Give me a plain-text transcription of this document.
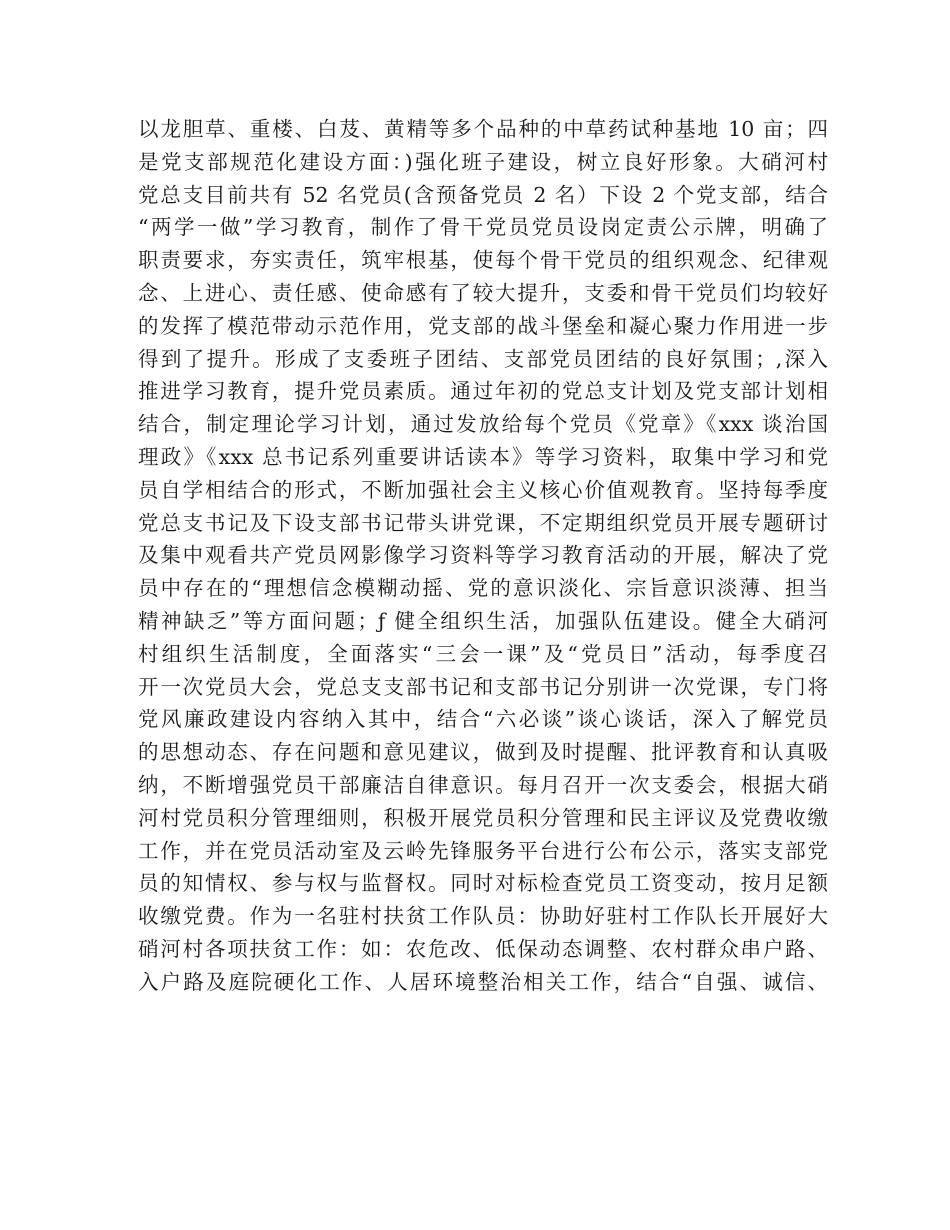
以龙胆草、重楼、白芨、黄精等多个品种的中草药试种基地 10 亩；四
是党支部规范化建设方面：)强化班子建设，树立良好形象。大硝河村
党总支目前共有 52 名党员(含预备党员 2 名）下设 2 个党支部，结合
“两学一做”学习教育，制作了骨干党员党员设岗定责公示牌，明确了
职责要求，夯实责任，筑牢根基，使每个骨干党员的组织观念、纪律观
念、上进心、责任感、使命感有了较大提升，支委和骨干党员们均较好
的发挥了模范带动示范作用，党支部的战斗堡垒和凝心聚力作用进一步
得到了提升。形成了支委班子团结、支部党员团结的良好氛围；,深入
推进学习教育，提升党员素质。通过年初的党总支计划及党支部计划相
结合，制定理论学习计划，通过发放给每个党员《党章》《xxx 谈治国
理政》《xxx 总书记系列重要讲话读本》等学习资料，取集中学习和党
员自学相结合的形式，不断加强社会主义核心价值观教育。坚持每季度
党总支书记及下设支部书记带头讲党课，不定期组织党员开展专题研讨
及集中观看共产党员网影像学习资料等学习教育活动的开展，解决了党
员中存在的“理想信念模糊动摇、党的意识淡化、宗旨意识淡薄、担当
精神缺乏”等方面问题；ƒ 健全组织生活，加强队伍建设。健全大硝河
村组织生活制度，全面落实“三会一课”及“党员日”活动，每季度召
开一次党员大会，党总支支部书记和支部书记分别讲一次党课，专门将
党风廉政建设内容纳入其中，结合“六必谈”谈心谈话，深入了解党员
的思想动态、存在问题和意见建议，做到及时提醒、批评教育和认真吸
纳，不断增强党员干部廉洁自律意识。每月召开一次支委会，根据大硝
河村党员积分管理细则，积极开展党员积分管理和民主评议及党费收缴
工作，并在党员活动室及云岭先锋服务平台进行公布公示，落实支部党
员的知情权、参与权与监督权。同时对标检查党员工资变动，按月足额
收缴党费。作为一名驻村扶贫工作队员：协助好驻村工作队长开展好大
硝河村各项扶贫工作：如：农危改、低保动态调整、农村群众串户路、
入户路及庭院硬化工作、人居环境整治相关工作，结合“自强、诚信、
